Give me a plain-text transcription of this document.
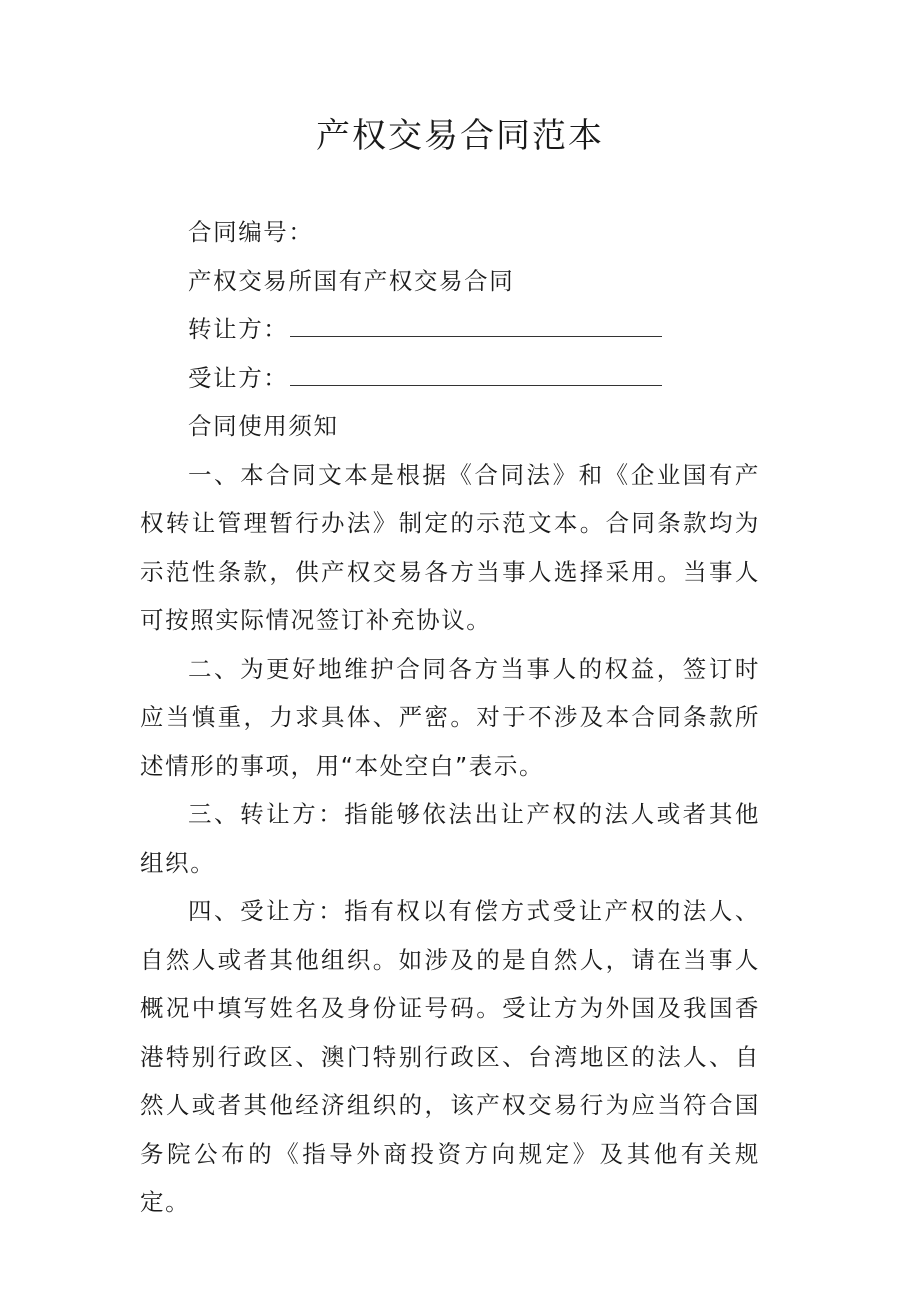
产权交易合同范本
合同编号：
产权交易所国有产权交易合同
转让方：
受让方：
合同使用须知

一、本合同文本是根据《合同法》和《企业国有产权转让管理暂行办法》制定的示范文本。合同条款均为示范性条款，供产权交易各方当事人选择采用。当事人可按照实际情况签订补充协议。

二、为更好地维护合同各方当事人的权益，签订时应当慎重，力求具体、严密。对于不涉及本合同条款所述情形的事项，用“本处空白”表示。

三、转让方：指能够依法出让产权的法人或者其他组织。

四、受让方：指有权以有偿方式受让产权的法人、自然人或者其他组织。如涉及的是自然人，请在当事人概况中填写姓名及身份证号码。受让方为外国及我国香港特别行政区、澳门特别行政区、台湾地区的法人、自然人或者其他经济组织的，该产权交易行为应当符合国务院公布的《指导外商投资方向规定》及其他有关规定。
